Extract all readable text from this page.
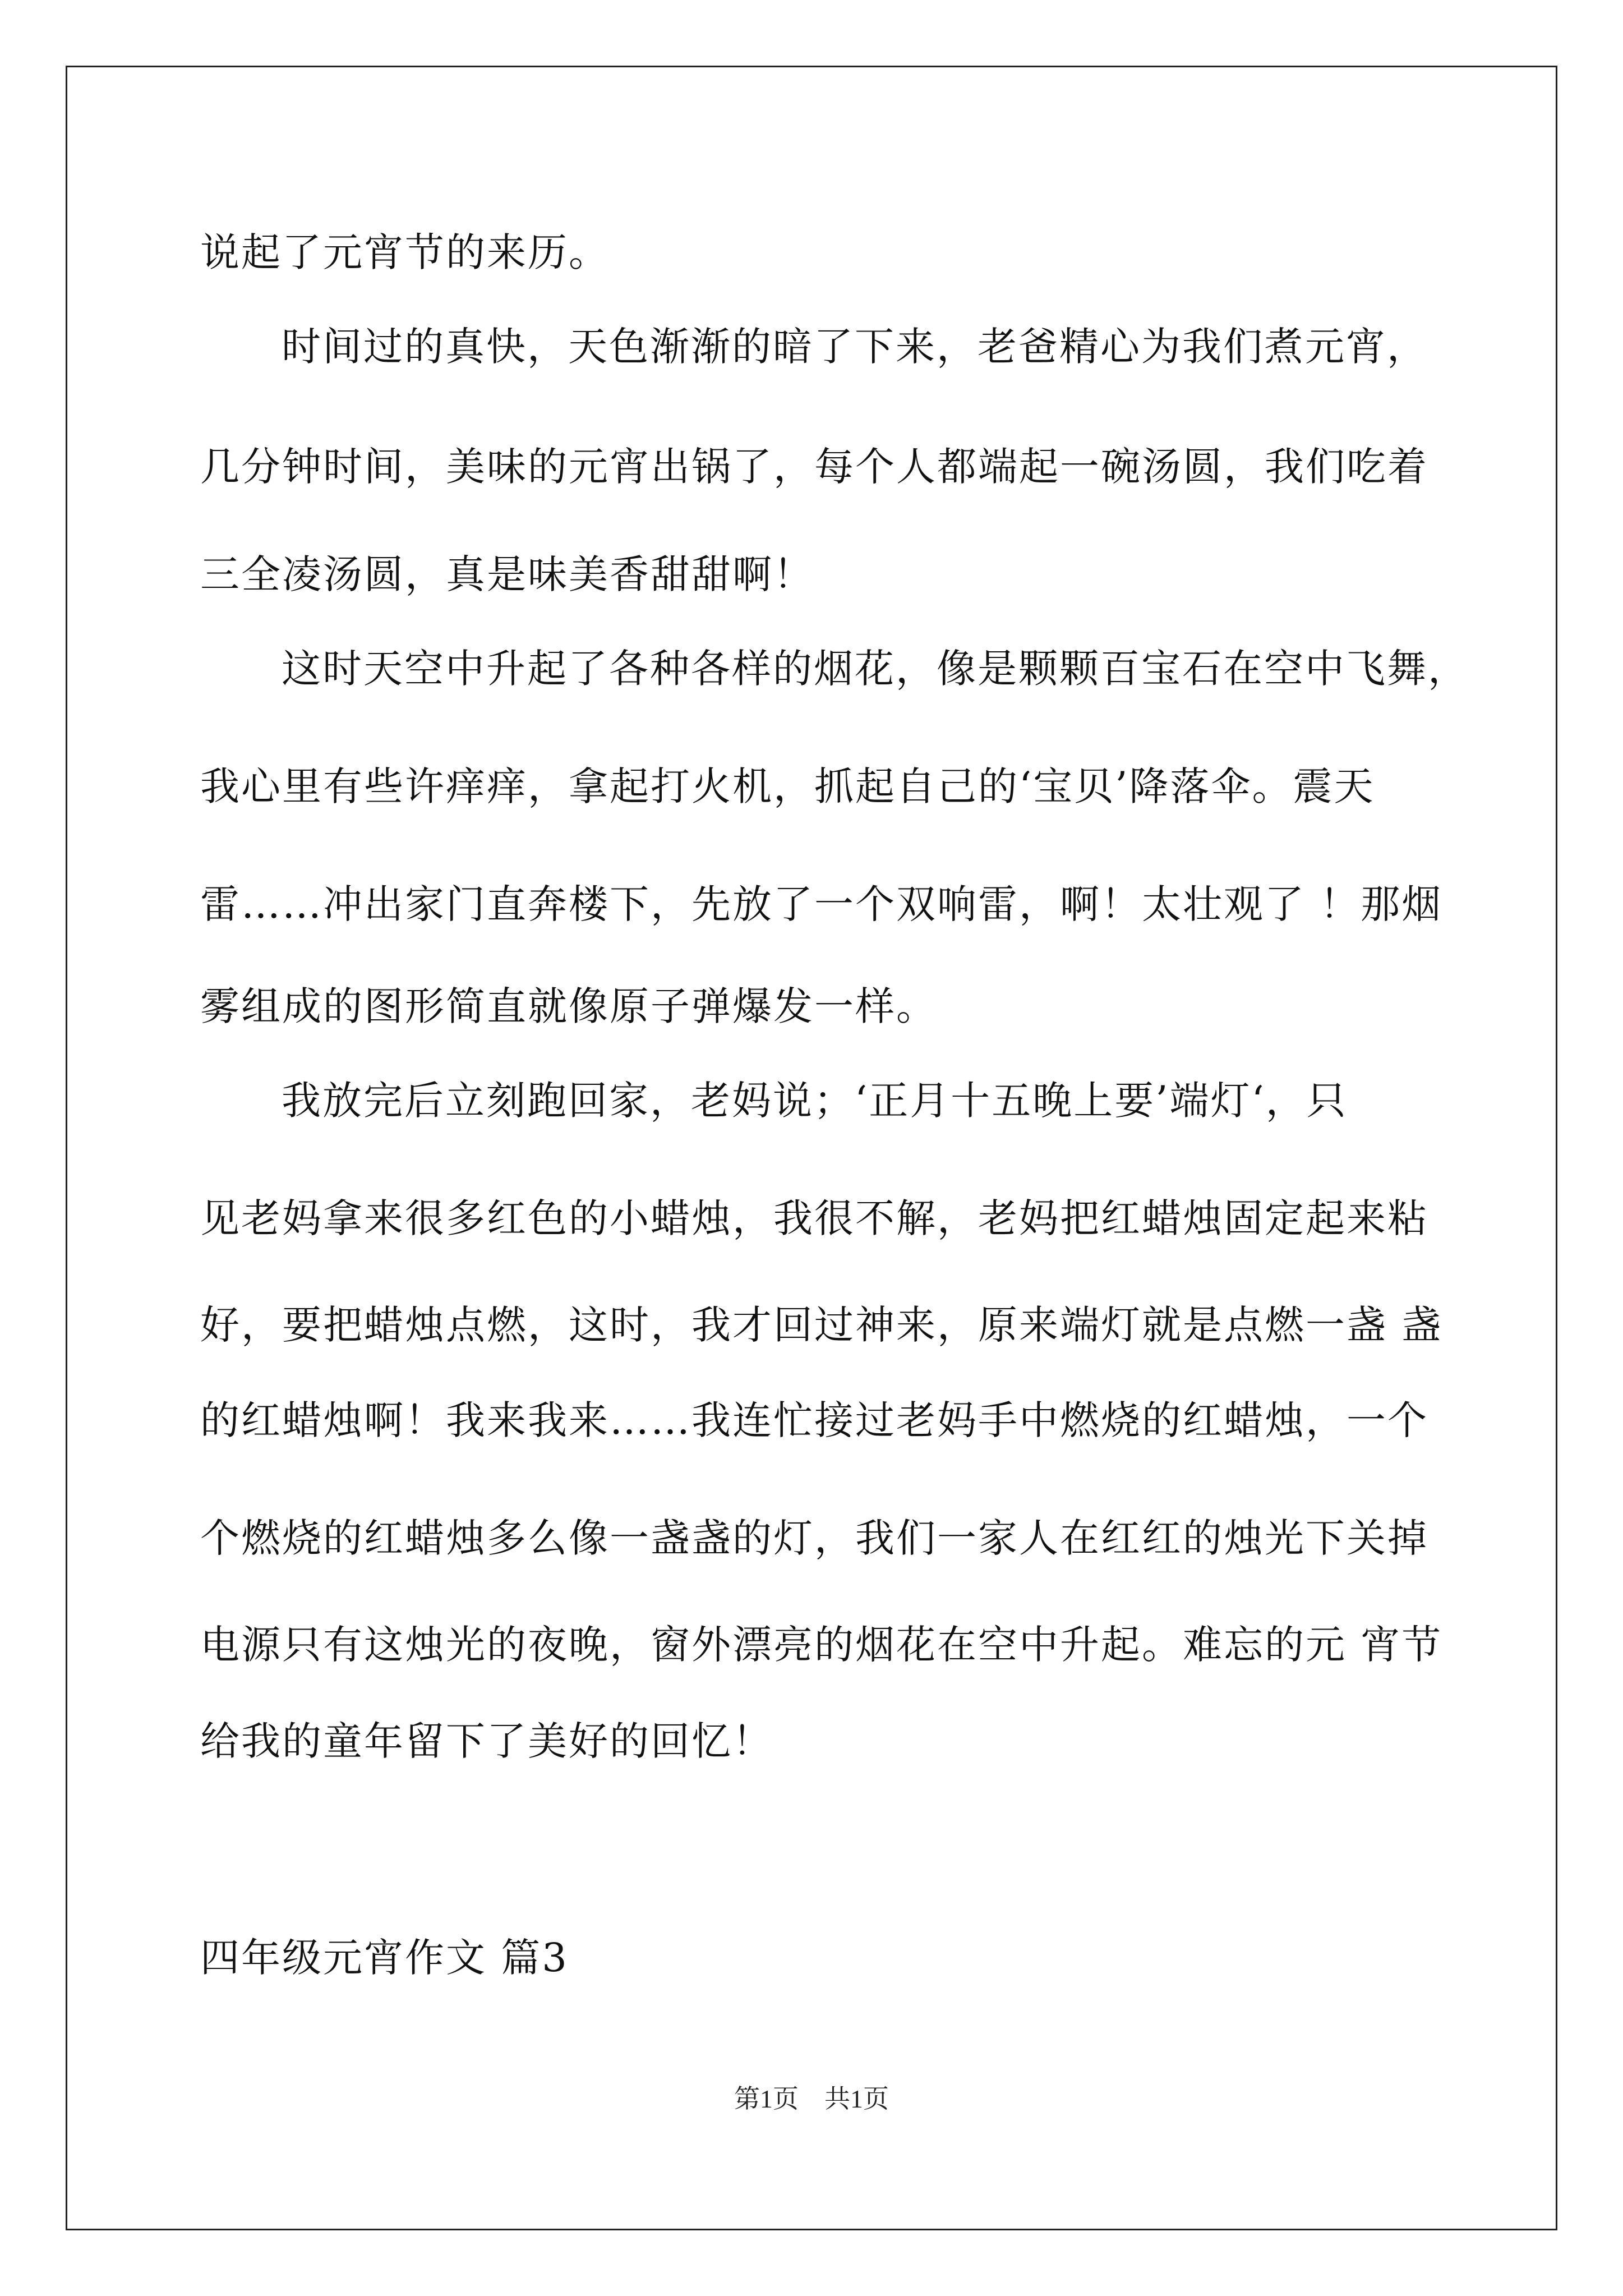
说起了元宵节的来历。
时间过的真快，天色渐渐的暗了下来，老爸精心为我们煮元宵，
几分钟时间，美味的元宵出锅了，每个人都端起一碗汤圆，我们吃着
三全凌汤圆，真是味美香甜甜啊！
这时天空中升起了各种各样的烟花，像是颗颗百宝石在空中飞舞，
我心里有些许痒痒，拿起打火机，抓起自己的‘宝贝’降落伞。震天
雷……冲出家门直奔楼下，先放了一个双响雷，啊！太壮观了 ！那烟
雾组成的图形简直就像原子弹爆发一样。
我放完后立刻跑回家，老妈说；‘正月十五晚上要’端灯‘，只
见老妈拿来很多红色的小蜡烛，我很不解，老妈把红蜡烛固定起来粘
好，要把蜡烛点燃，这时，我才回过神来，原来端灯就是点燃一盏 盏
的红蜡烛啊！我来我来……我连忙接过老妈手中燃烧的红蜡烛，一个
个燃烧的红蜡烛多么像一盏盏的灯，我们一家人在红红的烛光下关掉
电源只有这烛光的夜晚，窗外漂亮的烟花在空中升起。难忘的元 宵节
给我的童年留下了美好的回忆！
四年级元宵作文 篇3
第1页　共1页
